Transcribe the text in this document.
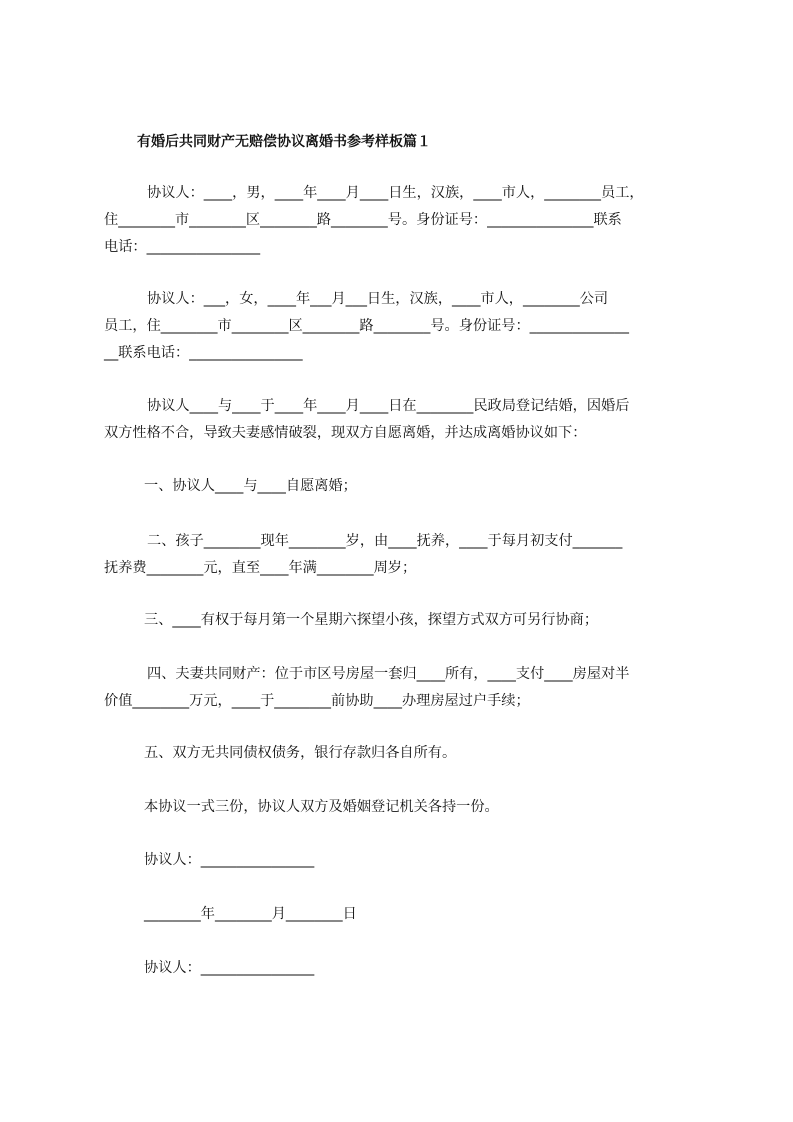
有婚后共同财产无赔偿协议离婚书参考样板篇１
协议人：____，男，____年____月____日生，汉族，____市人，________员工，
住________市________区________路________号。身份证号：_______________联系
电话：________________
协议人：___，女，____年___月___日生，汉族，____市人，________公司
员工，住________市________区________路________号。身份证号：______________
__联系电话：________________
协议人____与____于____年____月____日在________民政局登记结婚，因婚后
双方性格不合，导致夫妻感情破裂，现双方自愿离婚，并达成离婚协议如下：
一、协议人____与____自愿离婚；
二、孩子________现年________岁，由____抚养，____于每月初支付_______
抚养费________元，直至____年满________周岁；
三、____有权于每月第一个星期六探望小孩，探望方式双方可另行协商；
四、夫妻共同财产：位于市区号房屋一套归____所有，____支付____房屋对半
价值________万元，____于________前协助____办理房屋过户手续；
五、双方无共同债权债务，银行存款归各自所有。
本协议一式三份，协议人双方及婚姻登记机关各持一份。
协议人：________________
________年________月________日
协议人：________________
